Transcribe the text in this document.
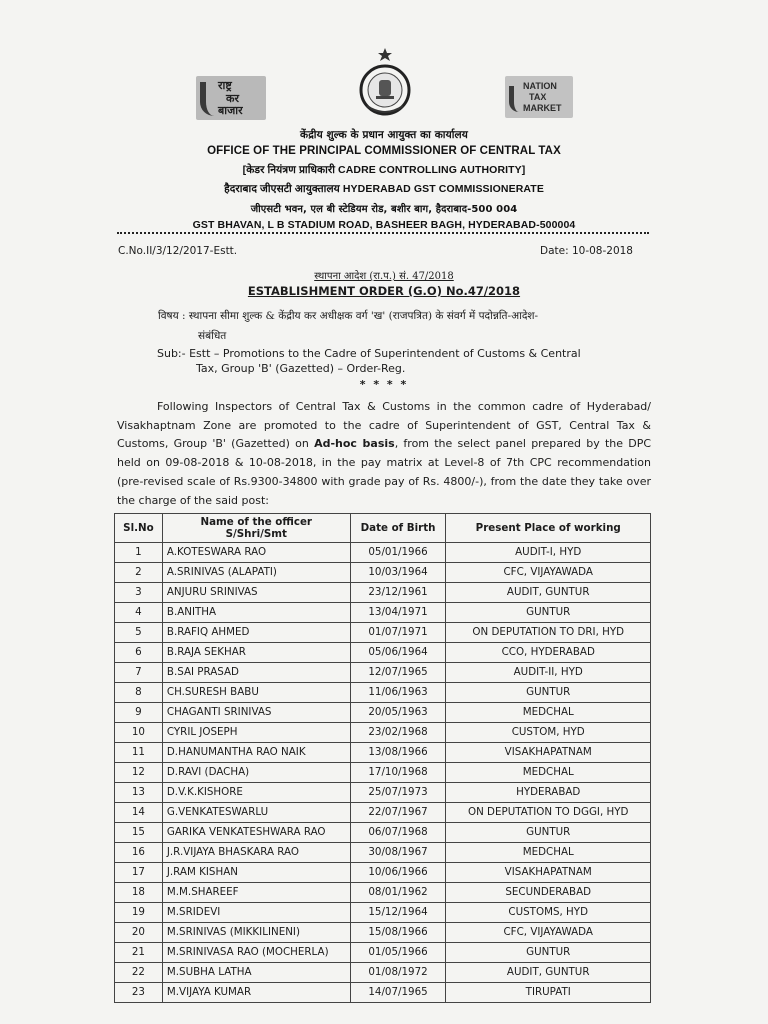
राष्ट्र
कर
बाजार
NATION
TAX
MARKET
केंद्रीय शुल्क के प्रधान आयुक्त का कार्यालय
OFFICE OF THE PRINCIPAL COMMISSIONER OF CENTRAL TAX
[केडर नियंत्रण प्राधिकारी CADRE CONTROLLING AUTHORITY]
हैदराबाद जीएसटी आयुक्तालय HYDERABAD GST COMMISSIONERATE
जीएसटी भवन, एल बी स्टेडियम रोड, बशीर बाग, हैदराबाद-500 004
GST BHAVAN, L B STADIUM ROAD, BASHEER BAGH, HYDERABAD-500004
C.No.II/3/12/2017-Estt.	Date: 10-08-2018
स्थापना आदेश (रा.प.) सं. 47/2018
ESTABLISHMENT ORDER (G.O) No.47/2018
विषय : स्थापना सीमा शुल्क & केंद्रीय कर अधीक्षक वर्ग 'ख' (राजपत्रित) के संवर्ग में पदोन्नति-आदेश-
संबंधित
Sub:- Estt – Promotions to the Cadre of Superintendent of Customs & Central
Tax, Group 'B' (Gazetted) – Order-Reg.
* * * *
Following Inspectors of Central Tax & Customs in the common cadre of Hyderabad/ Visakhaptnam Zone are promoted to the cadre of Superintendent of GST, Central Tax & Customs, Group 'B' (Gazetted) on Ad-hoc basis, from the select panel prepared by the DPC held on 09-08-2018 & 10-08-2018, in the pay matrix at Level-8 of 7th CPC recommendation (pre-revised scale of Rs.9300-34800 with grade pay of Rs. 4800/-), from the date they take over the charge of the said post:
Sl.No	Name of the officer
S/Shri/Smt	Date of Birth	Present Place of working
1	A.KOTESWARA RAO	05/01/1966	AUDIT-I, HYD
2	A.SRINIVAS (ALAPATI)	10/03/1964	CFC, VIJAYAWADA
3	ANJURU SRINIVAS	23/12/1961	AUDIT, GUNTUR
4	B.ANITHA	13/04/1971	GUNTUR
5	B.RAFIQ AHMED	01/07/1971	ON DEPUTATION TO DRI, HYD
6	B.RAJA SEKHAR	05/06/1964	CCO, HYDERABAD
7	B.SAI PRASAD	12/07/1965	AUDIT-II, HYD
8	CH.SURESH BABU	11/06/1963	GUNTUR
9	CHAGANTI SRINIVAS	20/05/1963	MEDCHAL
10	CYRIL JOSEPH	23/02/1968	CUSTOM, HYD
11	D.HANUMANTHA RAO NAIK	13/08/1966	VISAKHAPATNAM
12	D.RAVI (DACHA)	17/10/1968	MEDCHAL
13	D.V.K.KISHORE	25/07/1973	HYDERABAD
14	G.VENKATESWARLU	22/07/1967	ON DEPUTATION TO DGGI, HYD
15	GARIKA VENKATESHWARA RAO	06/07/1968	GUNTUR
16	J.R.VIJAYA BHASKARA RAO	30/08/1967	MEDCHAL
17	J.RAM KISHAN	10/06/1966	VISAKHAPATNAM
18	M.M.SHAREEF	08/01/1962	SECUNDERABAD
19	M.SRIDEVI	15/12/1964	CUSTOMS, HYD
20	M.SRINIVAS (MIKKILINENI)	15/08/1966	CFC, VIJAYAWADA
21	M.SRINIVASA RAO (MOCHERLA)	01/05/1966	GUNTUR
22	M.SUBHA LATHA	01/08/1972	AUDIT, GUNTUR
23	M.VIJAYA KUMAR	14/07/1965	TIRUPATI
